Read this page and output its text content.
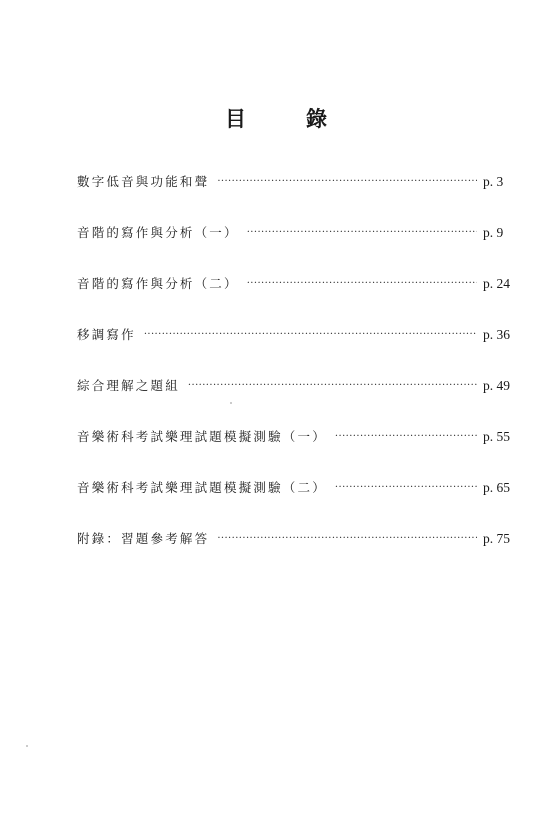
目	錄
數字低音與功能和聲 ·····	p. 3
音階的寫作與分析（一） ·····	p. 9
音階的寫作與分析（二） ·····	p. 24
移調寫作 ·····	p. 36
綜合理解之題組 ·····	p. 49
音樂術科考試樂理試題模擬測驗（一） ·····	p. 55
音樂術科考試樂理試題模擬測驗（二） ·····	p. 65
附錄：習題參考解答 ·····	p. 75
